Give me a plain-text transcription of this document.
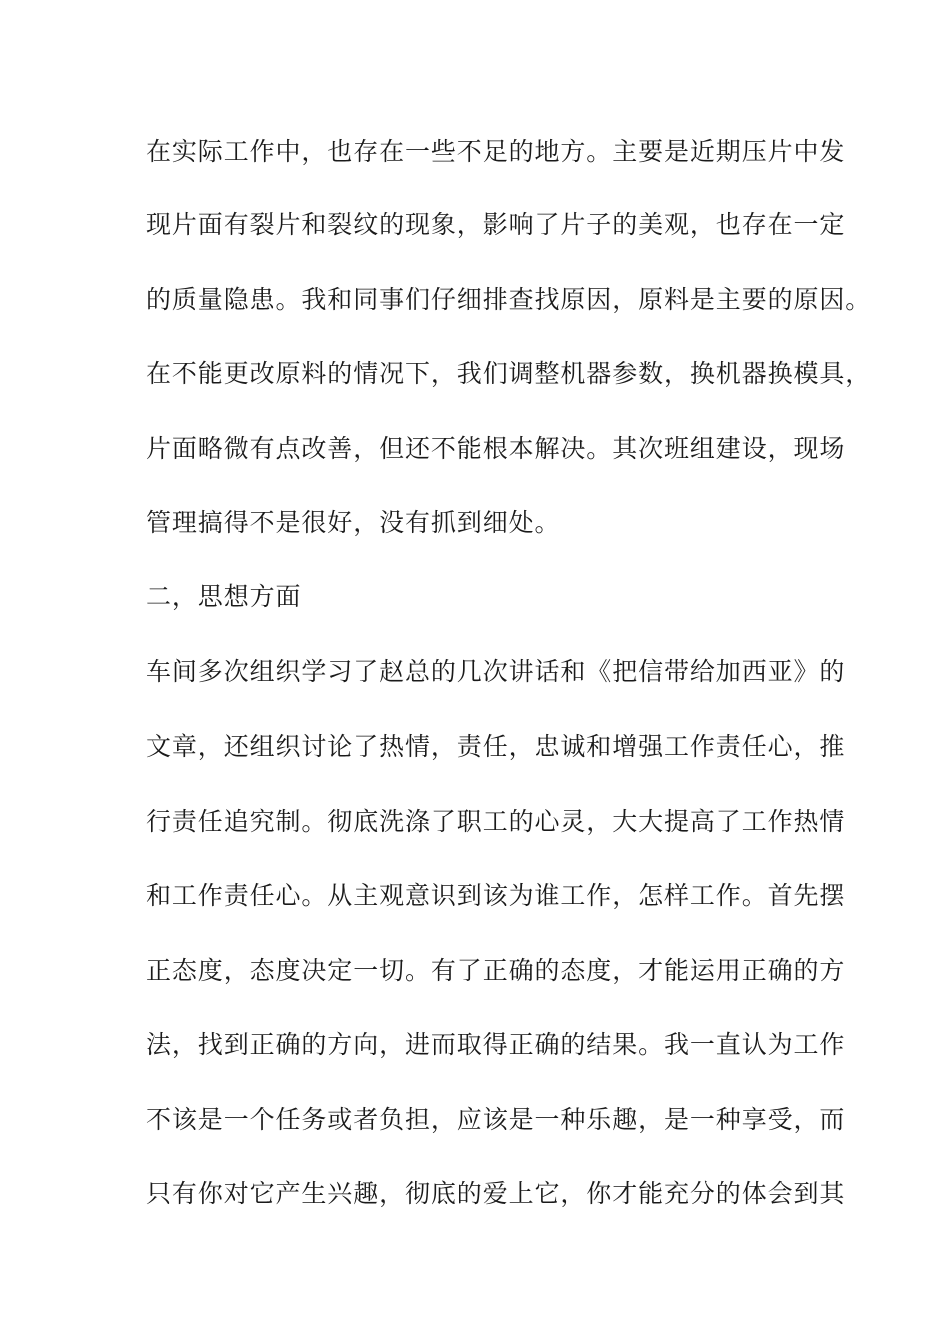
在实际工作中，也存在一些不足的地方。主要是近期压片中发
现片面有裂片和裂纹的现象，影响了片子的美观，也存在一定
的质量隐患。我和同事们仔细排查找原因，原料是主要的原因。
在不能更改原料的情况下，我们调整机器参数，换机器换模具，
片面略微有点改善，但还不能根本解决。其次班组建设，现场
管理搞得不是很好，没有抓到细处。
二，思想方面
车间多次组织学习了赵总的几次讲话和《把信带给加西亚》的
文章，还组织讨论了热情，责任，忠诚和增强工作责任心，推
行责任追究制。彻底洗涤了职工的心灵，大大提高了工作热情
和工作责任心。从主观意识到该为谁工作，怎样工作。首先摆
正态度，态度决定一切。有了正确的态度，才能运用正确的方
法，找到正确的方向，进而取得正确的结果。我一直认为工作
不该是一个任务或者负担，应该是一种乐趣，是一种享受，而
只有你对它产生兴趣，彻底的爱上它，你才能充分的体会到其
